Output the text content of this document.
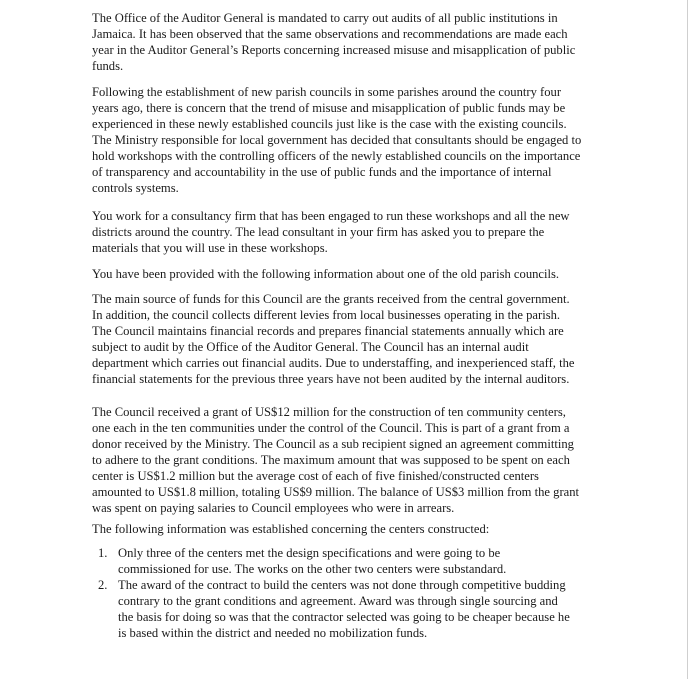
The Office of the Auditor General is mandated to carry out audits of all public institutions in
Jamaica. It has been observed that the same observations and recommendations are made each
year in the Auditor General’s Reports concerning increased misuse and misapplication of public
funds.
Following the establishment of new parish councils in some parishes around the country four
years ago, there is concern that the trend of misuse and misapplication of public funds may be
experienced in these newly established councils just like is the case with the existing councils.
The Ministry responsible for local government has decided that consultants should be engaged to
hold workshops with the controlling officers of the newly established councils on the importance
of transparency and accountability in the use of public funds and the importance of internal
controls systems.
You work for a consultancy firm that has been engaged to run these workshops and all the new
districts around the country. The lead consultant in your firm has asked you to prepare the
materials that you will use in these workshops.
You have been provided with the following information about one of the old parish councils.
The main source of funds for this Council are the grants received from the central government.
In addition, the council collects different levies from local businesses operating in the parish.
The Council maintains financial records and prepares financial statements annually which are
subject to audit by the Office of the Auditor General. The Council has an internal audit
department which carries out financial audits. Due to understaffing, and inexperienced staff, the
financial statements for the previous three years have not been audited by the internal auditors.
The Council received a grant of US$12 million for the construction of ten community centers,
one each in the ten communities under the control of the Council. This is part of a grant from a
donor received by the Ministry. The Council as a sub recipient signed an agreement committing
to adhere to the grant conditions. The maximum amount that was supposed to be spent on each
center is US$1.2 million but the average cost of each of five finished/constructed centers
amounted to US$1.8 million, totaling US$9 million. The balance of US$3 million from the grant
was spent on paying salaries to Council employees who were in arrears.
The following information was established concerning the centers constructed:
1. Only three of the centers met the design specifications and were going to be
commissioned for use. The works on the other two centers were substandard.
2. The award of the contract to build the centers was not done through competitive budding
contrary to the grant conditions and agreement. Award was through single sourcing and
the basis for doing so was that the contractor selected was going to be cheaper because he
is based within the district and needed no mobilization funds.
